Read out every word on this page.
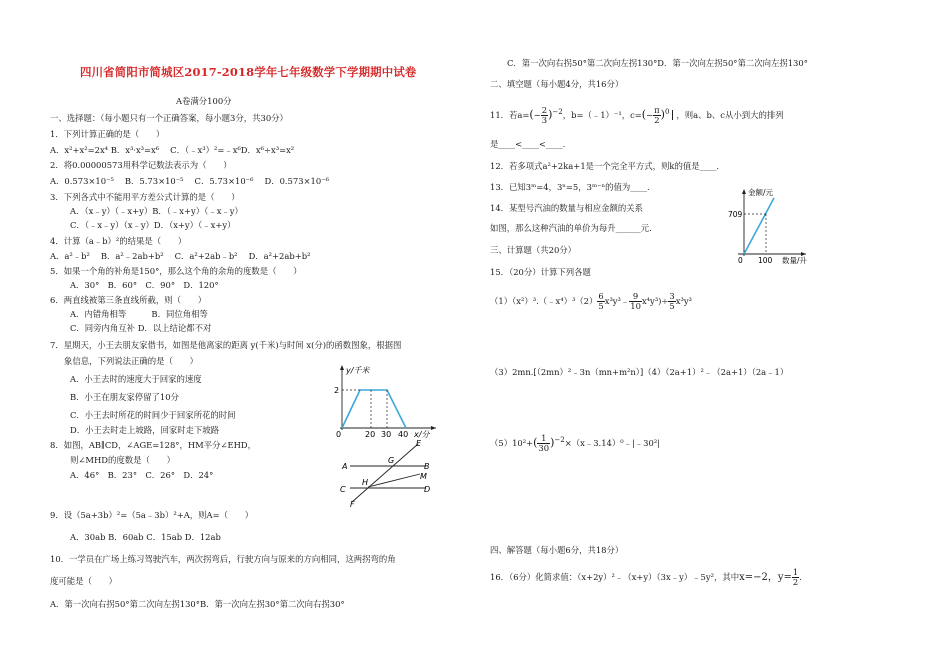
四川省简阳市简城区2017-2018学年七年级数学下学期期中试卷
A卷满分100分
一、选择题：（每小题只有一个正确答案，每小题3分，共30分）
1．下列计算正确的是（　　）
A．x²+x²=2x⁴ B．x³·x³=x⁶　 C．（﹣x³）²=﹣x⁶D．x⁶÷x³=x²
2．将0.00000573用科学记数法表示为（　　）
A．0.573×10⁻⁵　 B．5.73×10⁻⁵　 C．5.73×10⁻⁶　 D．0.573×10⁻⁶
3．下列各式中不能用平方差公式计算的是（　　）
A．（x﹣y）（﹣x+y）B．（﹣x+y）（﹣x﹣y）
C．（﹣x﹣y）（x﹣y）D．（x+y）（﹣x+y）
4．计算（a﹣b）²的结果是（　　）
A．a²﹣b²　 B．a²﹣2ab+b²　 C．a²+2ab﹣b²　 D．a²+2ab+b²
5．如果一个角的补角是150°，那么这个角的余角的度数是（　　）
A．30°　B．60°　C．90°　D．120°
6．两直线被第三条直线所截，则（　　）
A．内错角相等　　　B．同位角相等
C．同旁内角互补 D．以上结论都不对
7．星期天，小王去朋友家借书，如图是他离家的距离 y(千米)与时间 x(分)的函数图象，根据图
象信息，下列说法正确的是（　　）
A．小王去时的速度大于回家的速度
B．小王在朋友家停留了10分
C．小王去时所花的时间少于回家所花的时间
D．小王去时走上坡路，回家时走下坡路
8．如图，AB∥CD，∠AGE=128°，HM平分∠EHD，
则∠MHD的度数是（　　）
A．46°　B．23°　C．26°　D．24°
9．设（5a+3b）²=（5a﹣3b）²+A，则A=（　　）
A．30ab B．60ab C．15ab D．12ab
10．一学员在广场上练习驾驶汽车，两次拐弯后，行驶方向与原来的方向相同，这两拐弯的角
度可能是（　　）
A．第一次向右拐50°第二次向左拐130°B．第一次向左拐30°第二次向右拐30°
y/千米
2
0	20 30 40 x/分
E
G
A	B
M
H
C	D
F
C．第一次向右拐50°第二次向左拐130°D．第一次向左拐50°第二次向左拐130°
二、填空题（每小题4分，共16分）
11．若$a=(- \frac{2}{3} )^{-2}$，b=（﹣1）⁻¹，$c=(- \frac{\pi}{2} )^0$ ，则a、b、c从小到大的排列
是____<____<____.
12．若多项式a²+2ka+1是一个完全平方式，则k的值是____.
13．已知3ᵐ=4，3ⁿ=5，3ᵐ⁻ⁿ的值为____.
14．某型号汽油的数量与相应金额的关系
如图，那么这种汽油的单价为每升______元.
三、计算题（共20分）
15．（20分）计算下列各题
（1）（x²）³.（﹣x⁴）³（2） $\frac{6}{5}$ x³y³﹣ $\frac{9}{10} x^4y^3)\div \frac{3}{5} x^3y^3$
（3）2mn.[（2mn）²﹣3n（mn+m²n）]（4）（2a+1）²﹣（2a+1）（2a﹣1）
$(5)10^2+( \frac{1}{30}$ )$^{-2}\times(x﹣3.14)^0﹣|﹣30^2|$
四、解答题（每小题6分，共18分）
16．（6分）化简求值：（x+2y）²﹣（x+y）（3x﹣y）﹣5y²，其中x=−2，$y= \frac{1}{2}$ .
金额/元
709
0 100 数量/升
